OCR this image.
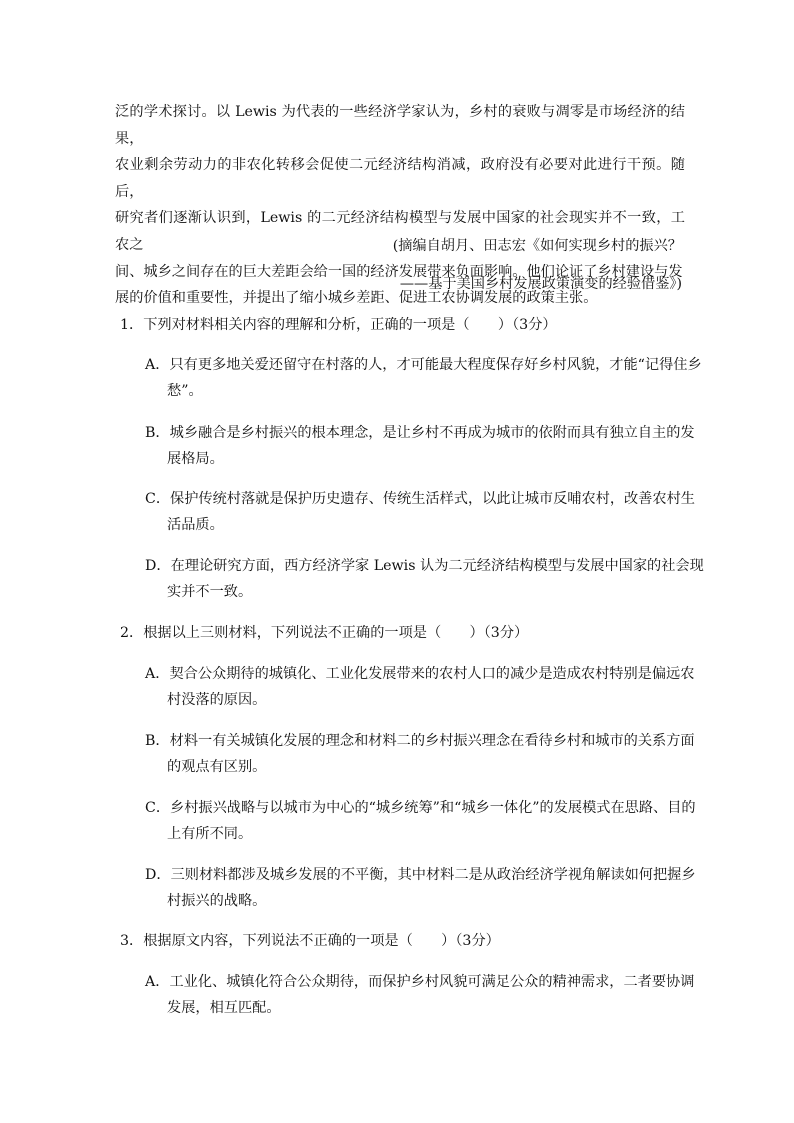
泛的学术探讨。以 Lewis 为代表的一些经济学家认为，乡村的衰败与凋零是市场经济的结果，
农业剩余劳动力的非农化转移会促使二元经济结构消减，政府没有必要对此进行干预。随后，
研究者们逐渐认识到，Lewis 的二元经济结构模型与发展中国家的社会现实并不一致，工农之
间、城乡之间存在的巨大差距会给一国的经济发展带来负面影响。他们论证了乡村建设与发
展的价值和重要性，并提出了缩小城乡差距、促进工农协调发展的政策主张。
(摘编自胡月、田志宏《如何实现乡村的振兴？
——基于美国乡村发展政策演变的经验借鉴》)
1．下列对材料相关内容的理解和分析，正确的一项是（　　）（3分）
A．只有更多地关爱还留守在村落的人，才可能最大程度保存好乡村风貌，才能“记得住乡愁”。
B．城乡融合是乡村振兴的根本理念，是让乡村不再成为城市的依附而具有独立自主的发展格局。
C．保护传统村落就是保护历史遗存、传统生活样式，以此让城市反哺农村，改善农村生活品质。
D．在理论研究方面，西方经济学家 Lewis 认为二元经济结构模型与发展中国家的社会现实并不一致。
2．根据以上三则材料，下列说法不正确的一项是（　　）（3分）
A．契合公众期待的城镇化、工业化发展带来的农村人口的减少是造成农村特别是偏远农村没落的原因。
B．材料一有关城镇化发展的理念和材料二的乡村振兴理念在看待乡村和城市的关系方面的观点有区别。
C．乡村振兴战略与以城市为中心的“城乡统筹”和“城乡一体化”的发展模式在思路、目的上有所不同。
D．三则材料都涉及城乡发展的不平衡，其中材料二是从政治经济学视角解读如何把握乡村振兴的战略。
3．根据原文内容，下列说法不正确的一项是（　　）（3分）
A．工业化、城镇化符合公众期待，而保护乡村风貌可满足公众的精神需求，二者要协调发展，相互匹配。
